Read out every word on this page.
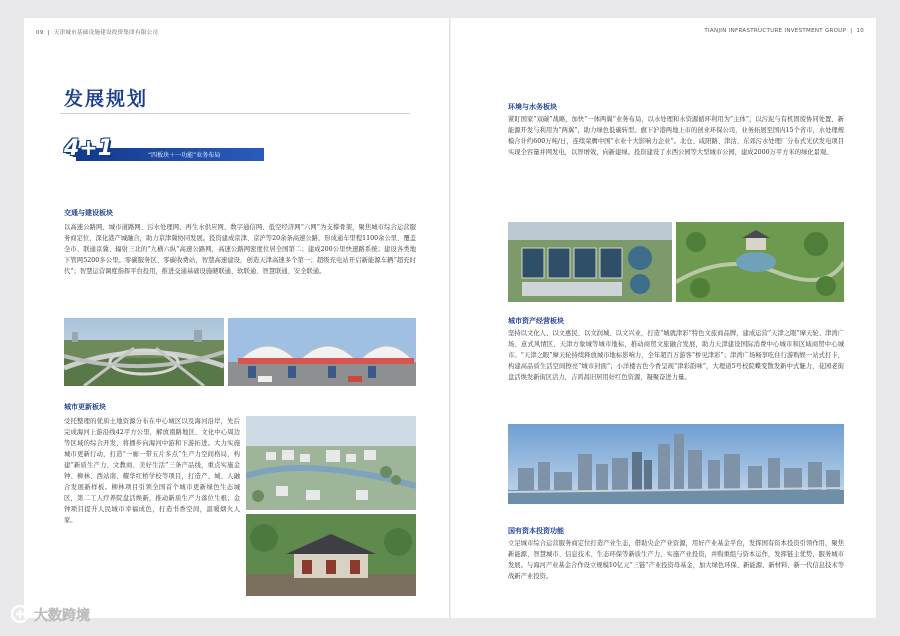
09 | 天津城市基础设施建设投资集团有限公司
发展规划
4+1	“四板块＋一功能”业务布局
交通与建设板块
以高速公路网、城市道路网、污水处理网、再生水供应网、数字通信网、低空经济网“六网”为支撑骨架，聚焦城市综合运营服务商定位，深化港产城融合，助力京津冀协同发展。投资建成京津、京沪等20余条高速公路，形成通车里程1100余公里、覆盖全市、联通京冀、辐射三北的“九横六纵”高速公路网，高速公路网密度位居全国第二；建成200公里快速路系统；建设各类地下管网5200多公里。零碳服务区、零碳收费站，智慧高速建设，创造天津高速多个第一；超级充电站开启新能源车辆“超充时代”；智慧运营调度指挥平台投用，推进交通基础设施硬联通、软联通、智慧联通、安全联通。
城市更新板块
受托整理的优质土地资源分布在中心城区以及海河沿岸，先后完成海河上游沿线42平方公里，解放南路地区、文化中心周边等区域的综合开发，将播步向海河中游和下游拓进。大力实施城市更新行动，打造“一廊一带五片多点”生产力空间格局，构建“新质生产力、文教商、美好生活”三条产品线，重点实施金钟、柳林、西站南、耀华红桥学校等项目，打造产、城、人融合发展新样板。柳林项目引领全国首个城市更新绿色生态城区，第二工人疗养院盘活焕新，推动新质生产力落位生根；金钟项目提升人民城市幸福成色，打造书香空间，温暖烟火人家。
TIANJIN INFRASTRUCTURE INVESTMENT GROUP | 10
环境与水务板块
紧盯国家“双碳”战略，加快“一体两翼”业务布局，以水处理和水资源循环利用为“主体”，以污泥与有机固废协同处置、新能源开发与利用为“两翼”，助力绿色低碳转型。旗下沪港两地上市的创业环保公司，业务拓展至国内15个省市，水处理规模合计约600万吨/日，连续荣膺中国“水业十大影响力企业”。北仓、咸阳路、津沽、东郊污水处理厂分布式光伏发电项目实现全容量并网发电，以智增效，向新建绿。投资建设了水西公园等大型城市公园，建成2000万平方米的绿化景观。
城市资产经营板块
坚持以文化人、以文惠民、以文润城、以文兴业，打造“城就津彩”特色文旅商品牌，建成运营“天津之眼”摩天轮、津湾广场、意式风情区、天津方象城等城市地标，推动商贸文旅融合发展，助力天津建设国际消费中心城市和区域商贸中心城市。“天津之眼”摩天轮持续释放城市地标影响力，全年超百万游客“桥见津彩”；津湾广场畅享吃住行游购娱一站式打卡，构建高品质生活空间擦亮“城市封面”；小洋楼古色今香呈现“津彩韵味”，大理道5号校院蝶变散发新中式魅力，花园老街盘活焕发新街区活力，吉鸿昌旧居用好红色资源，凝聚奋进力量。
国有资本投资功能
立足城市综合运营服务商定位打造产业生态，借助央企产业资源，用好产业基金平台，发挥国有资本投资引领作用，聚焦新能源、智慧城市、信息技术、生态环保等新质生产力，实施产业投资，并购重组与资本运作，发挥链主优势，服务城市发展。与海河产业基金合作设立规模10亿元“三链”产业投资母基金，加大绿色环保、新能源、新材料、新一代信息技术等战新产业投资。
大数跨境
